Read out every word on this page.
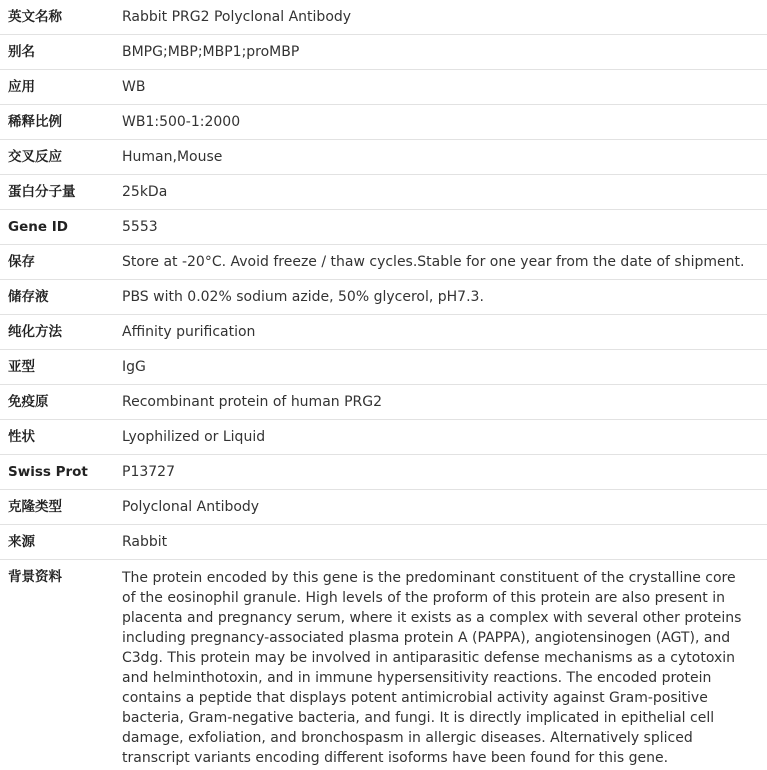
英文名称	Rabbit PRG2 Polyclonal Antibody
别名	BMPG;MBP;MBP1;proMBP
应用	WB
稀释比例	WB1:500-1:2000
交叉反应	Human,Mouse
蛋白分子量	25kDa
Gene ID	5553
保存	Store at -20°C. Avoid freeze / thaw cycles.Stable for one year from the date of shipment.
储存液	PBS with 0.02% sodium azide, 50% glycerol, pH7.3.
纯化方法	Affinity purification
亚型	IgG
免疫原	Recombinant protein of human PRG2
性状	Lyophilized or Liquid
Swiss Prot	P13727
克隆类型	Polyclonal Antibody
来源	Rabbit
背景资料	The protein encoded by this gene is the predominant constituent of the crystalline core of the eosinophil granule. High levels of the proform of this protein are also present in placenta and pregnancy serum, where it exists as a complex with several other proteins including pregnancy-associated plasma protein A (PAPPA), angiotensinogen (AGT), and C3dg. This protein may be involved in antiparasitic defense mechanisms as a cytotoxin and helminthotoxin, and in immune hypersensitivity reactions. The encoded protein contains a peptide that displays potent antimicrobial activity against Gram-positive bacteria, Gram-negative bacteria, and fungi. It is directly implicated in epithelial cell damage, exfoliation, and bronchospasm in allergic diseases. Alternatively spliced transcript variants encoding different isoforms have been found for this gene.
